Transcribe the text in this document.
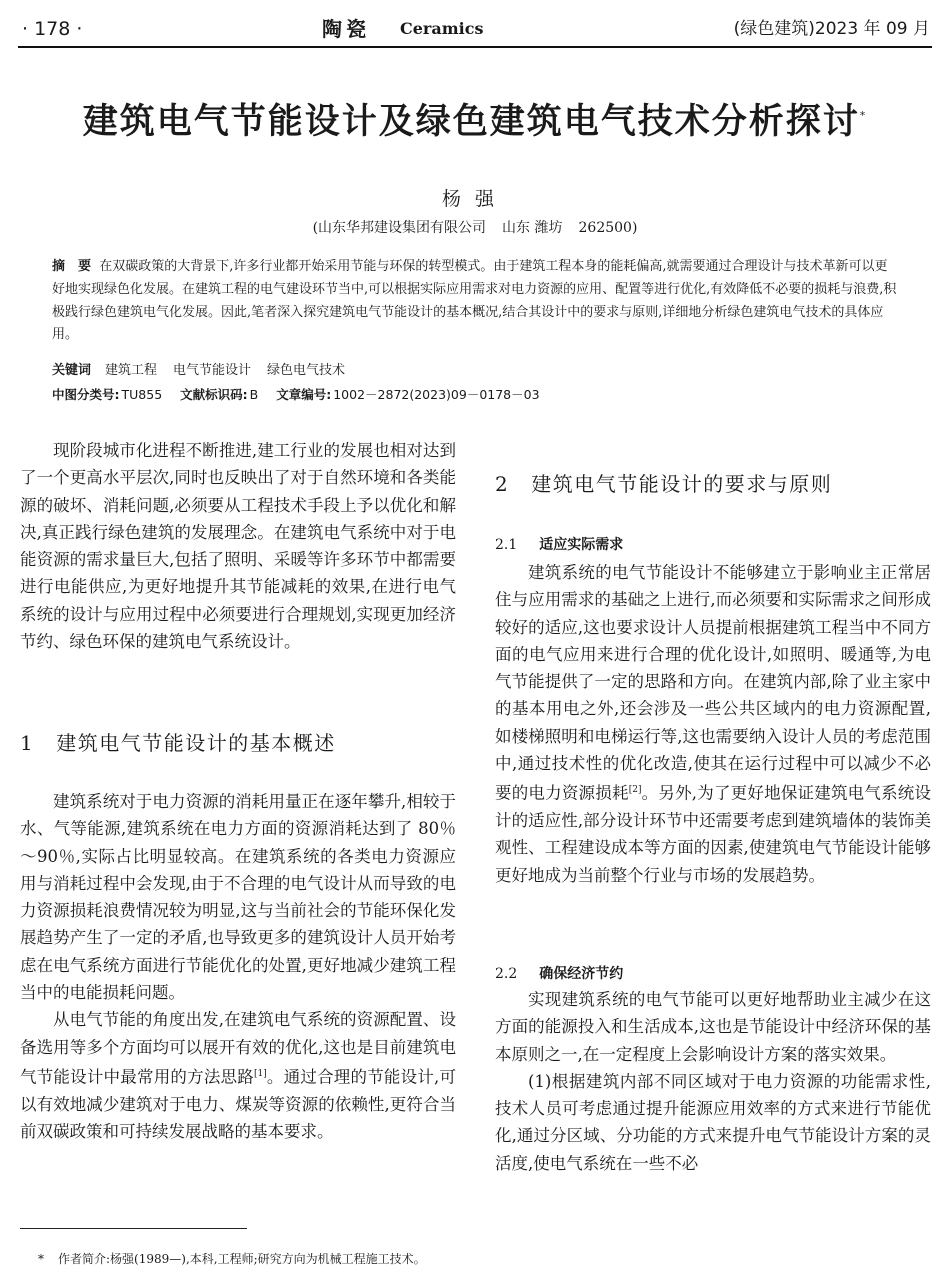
· 178 ·	陶瓷 Ceramics	(绿色建筑)2023 年 09 月
建筑电气节能设计及绿色建筑电气技术分析探讨*
杨强
(山东华邦建设集团有限公司 山东 潍坊 262500)
摘　要 在双碳政策的大背景下,许多行业都开始采用节能与环保的转型模式。由于建筑工程本身的能耗偏高,就需要通过合理设计与技术革新可以更好地实现绿色化发展。在建筑工程的电气建设环节当中,可以根据实际应用需求对电力资源的应用、配置等进行优化,有效降低不必要的损耗与浪费,积极践行绿色建筑电气化发展。因此,笔者深入探究建筑电气节能设计的基本概况,结合其设计中的要求与原则,详细地分析绿色建筑电气技术的具体应用。
关键词 建筑工程 电气节能设计 绿色电气技术
中图分类号: TU855 文献标识码: B 文章编号: 1002－2872(2023)09－0178－03

现阶段城市化进程不断推进,建工行业的发展也相对达到了一个更高水平层次,同时也反映出了对于自然环境和各类能源的破坏、消耗问题,必须要从工程技术手段上予以优化和解决,真正践行绿色建筑的发展理念。在建筑电气系统中对于电能资源的需求量巨大,包括了照明、采暖等许多环节中都需要进行电能供应,为更好地提升其节能减耗的效果,在进行电气系统的设计与应用过程中必须要进行合理规划,实现更加经济节约、绿色环保的建筑电气系统设计。

1 建筑电气节能设计的基本概述

建筑系统对于电力资源的消耗用量正在逐年攀升,相较于水、气等能源,建筑系统在电力方面的资源消耗达到了 80％～90％,实际占比明显较高。在建筑系统的各类电力资源应用与消耗过程中会发现,由于不合理的电气设计从而导致的电力资源损耗浪费情况较为明显,这与当前社会的节能环保化发展趋势产生了一定的矛盾,也导致更多的建筑设计人员开始考虑在电气系统方面进行节能优化的处置,更好地减少建筑工程当中的电能损耗问题。

从电气节能的角度出发,在建筑电气系统的资源配置、设备选用等多个方面均可以展开有效的优化,这也是目前建筑电气节能设计中最常用的方法思路[1]。通过合理的节能设计,可以有效地减少建筑对于电力、煤炭等资源的依赖性,更符合当前双碳政策和可持续发展战略的基本要求。

2 建筑电气节能设计的要求与原则
2.1 适应实际需求

建筑系统的电气节能设计不能够建立于影响业主正常居住与应用需求的基础之上进行,而必须要和实际需求之间形成较好的适应,这也要求设计人员提前根据建筑工程当中不同方面的电气应用来进行合理的优化设计,如照明、暖通等,为电气节能提供了一定的思路和方向。在建筑内部,除了业主家中的基本用电之外,还会涉及一些公共区域内的电力资源配置,如楼梯照明和电梯运行等,这也需要纳入设计人员的考虑范围中,通过技术性的优化改造,使其在运行过程中可以减少不必要的电力资源损耗[2]。另外,为了更好地保证建筑电气系统设计的适应性,部分设计环节中还需要考虑到建筑墙体的装饰美观性、工程建设成本等方面的因素,使建筑电气节能设计能够更好地成为当前整个行业与市场的发展趋势。

2.2 确保经济节约

实现建筑系统的电气节能可以更好地帮助业主减少在这方面的能源投入和生活成本,这也是节能设计中经济环保的基本原则之一,在一定程度上会影响设计方案的落实效果。

(1)根据建筑内部不同区域对于电力资源的功能需求性,技术人员可考虑通过提升能源应用效率的方式来进行节能优化,通过分区域、分功能的方式来提升电气节能设计方案的灵活度,使电气系统在一些不必

* 作者简介:杨强(1989—),本科,工程师;研究方向为机械工程施工技术。
